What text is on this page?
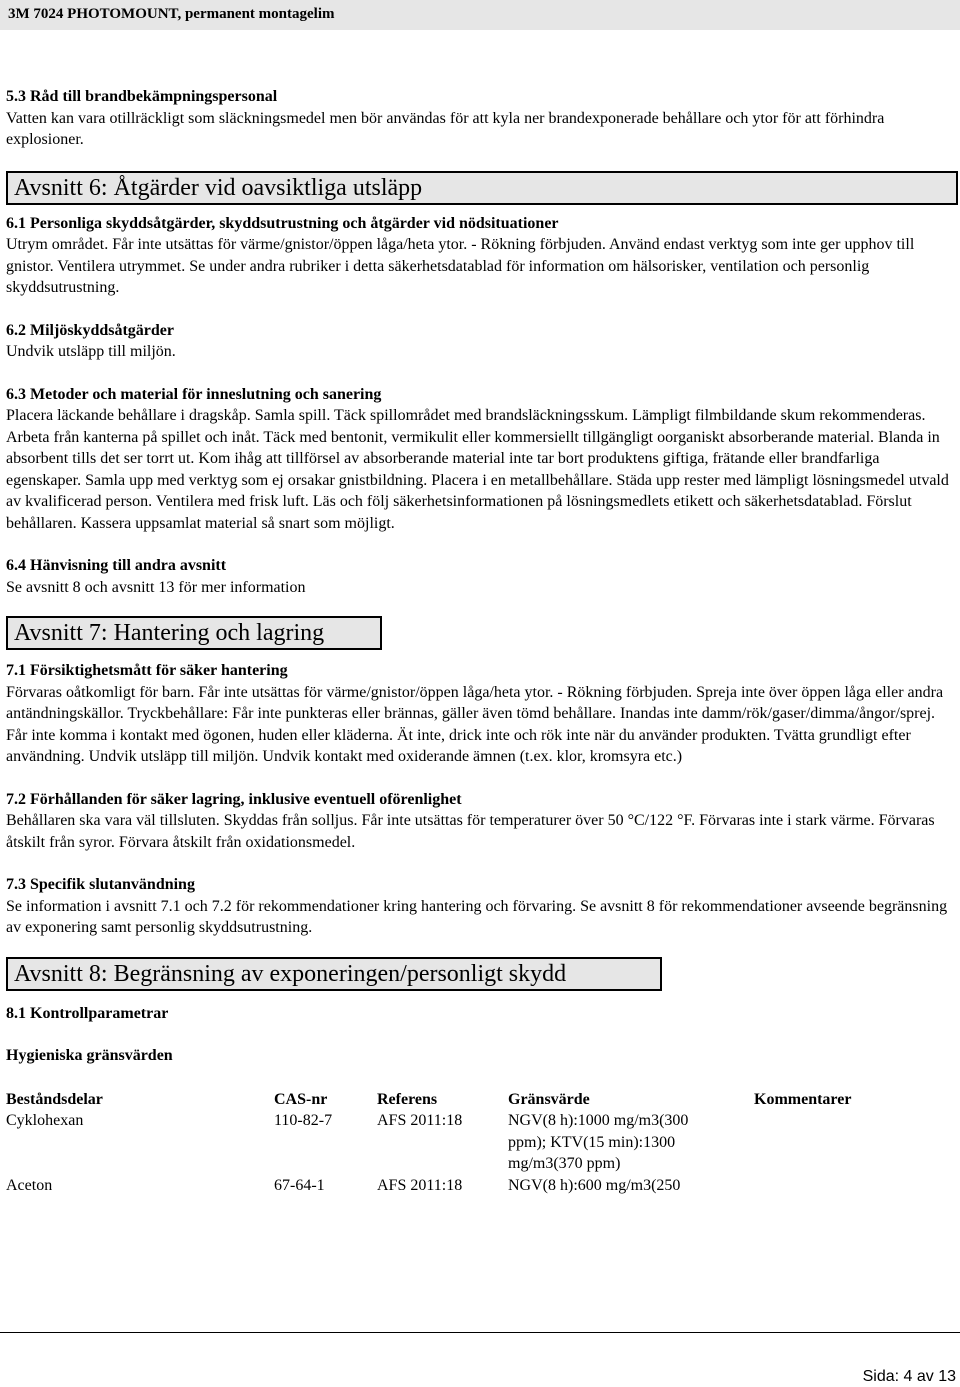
3M 7024 PHOTOMOUNT, permanent montagelim

5.3 Råd till brandbekämpningspersonal

Vatten kan vara otillräckligt som släckningsmedel men bör användas för att kyla ner brandexponerade behållare och ytor för att förhindra explosioner.

Avsnitt 6: Åtgärder vid oavsiktliga utsläpp

6.1 Personliga skyddsåtgärder, skyddsutrustning och åtgärder vid nödsituationer

Utrym området. Får inte utsättas för värme/gnistor/öppen låga/heta ytor. - Rökning förbjuden. Använd endast verktyg som inte ger upphov till gnistor. Ventilera utrymmet. Se under andra rubriker i detta säkerhetsdatablad för information om hälsorisker, ventilation och personlig skyddsutrustning.

6.2 Miljöskyddsåtgärder

Undvik utsläpp till miljön.

6.3 Metoder och material för inneslutning och sanering

Placera läckande behållare i dragskåp. Samla spill. Täck spillområdet med brandsläckningsskum. Lämpligt filmbildande skum rekommenderas. Arbeta från kanterna på spillet och inåt. Täck med bentonit, vermikulit eller kommersiellt tillgängligt oorganiskt absorberande material. Blanda in absorbent tills det ser torrt ut. Kom ihåg att tillförsel av absorberande material inte tar bort produktens giftiga, frätande eller brandfarliga egenskaper. Samla upp med verktyg som ej orsakar gnistbildning. Placera i en metallbehållare. Städa upp rester med lämpligt lösningsmedel utvald av kvalificerad person. Ventilera med frisk luft. Läs och följ säkerhetsinformationen på lösningsmedlets etikett och säkerhetsdatablad. Förslut behållaren. Kassera uppsamlat material så snart som möjligt.

6.4 Hänvisning till andra avsnitt

Se avsnitt 8 och avsnitt 13 för mer information

Avsnitt 7: Hantering och lagring

7.1 Försiktighetsmått för säker hantering

Förvaras oåtkomligt för barn. Får inte utsättas för värme/gnistor/öppen låga/heta ytor. - Rökning förbjuden. Spreja inte över öppen låga eller andra antändningskällor. Tryckbehållare: Får inte punkteras eller brännas, gäller även tömd behållare. Inandas inte damm/rök/gaser/dimma/ångor/sprej. Får inte komma i kontakt med ögonen, huden eller kläderna. Ät inte, drick inte och rök inte när du använder produkten. Tvätta grundligt efter användning. Undvik utsläpp till miljön. Undvik kontakt med oxiderande ämnen (t.ex. klor, kromsyra etc.)

7.2 Förhållanden för säker lagring, inklusive eventuell oförenlighet

Behållaren ska vara väl tillsluten. Skyddas från solljus. Får inte utsättas för temperaturer över 50 °C/122 °F. Förvaras inte i stark värme. Förvaras åtskilt från syror. Förvara åtskilt från oxidationsmedel.

7.3 Specifik slutanvändning

Se information i avsnitt 7.1 och 7.2 för rekommendationer kring hantering och förvaring. Se avsnitt 8 för rekommendationer avseende begränsning av exponering samt personlig skyddsutrustning.

Avsnitt 8: Begränsning av exponeringen/personligt skydd

8.1 Kontrollparametrar

Hygieniska gränsvärden

Beståndsdelar	CAS-nr	Referens	Gränsvärde	Kommentarer
Cyklohexan	110-82-7	AFS 2011:18	NGV(8 h):1000 mg/m3(300 ppm); KTV(15 min):1300 mg/m3(370 ppm)	
Aceton	67-64-1	AFS 2011:18	NGV(8 h):600 mg/m3(250	
Sida: 4 av 13
